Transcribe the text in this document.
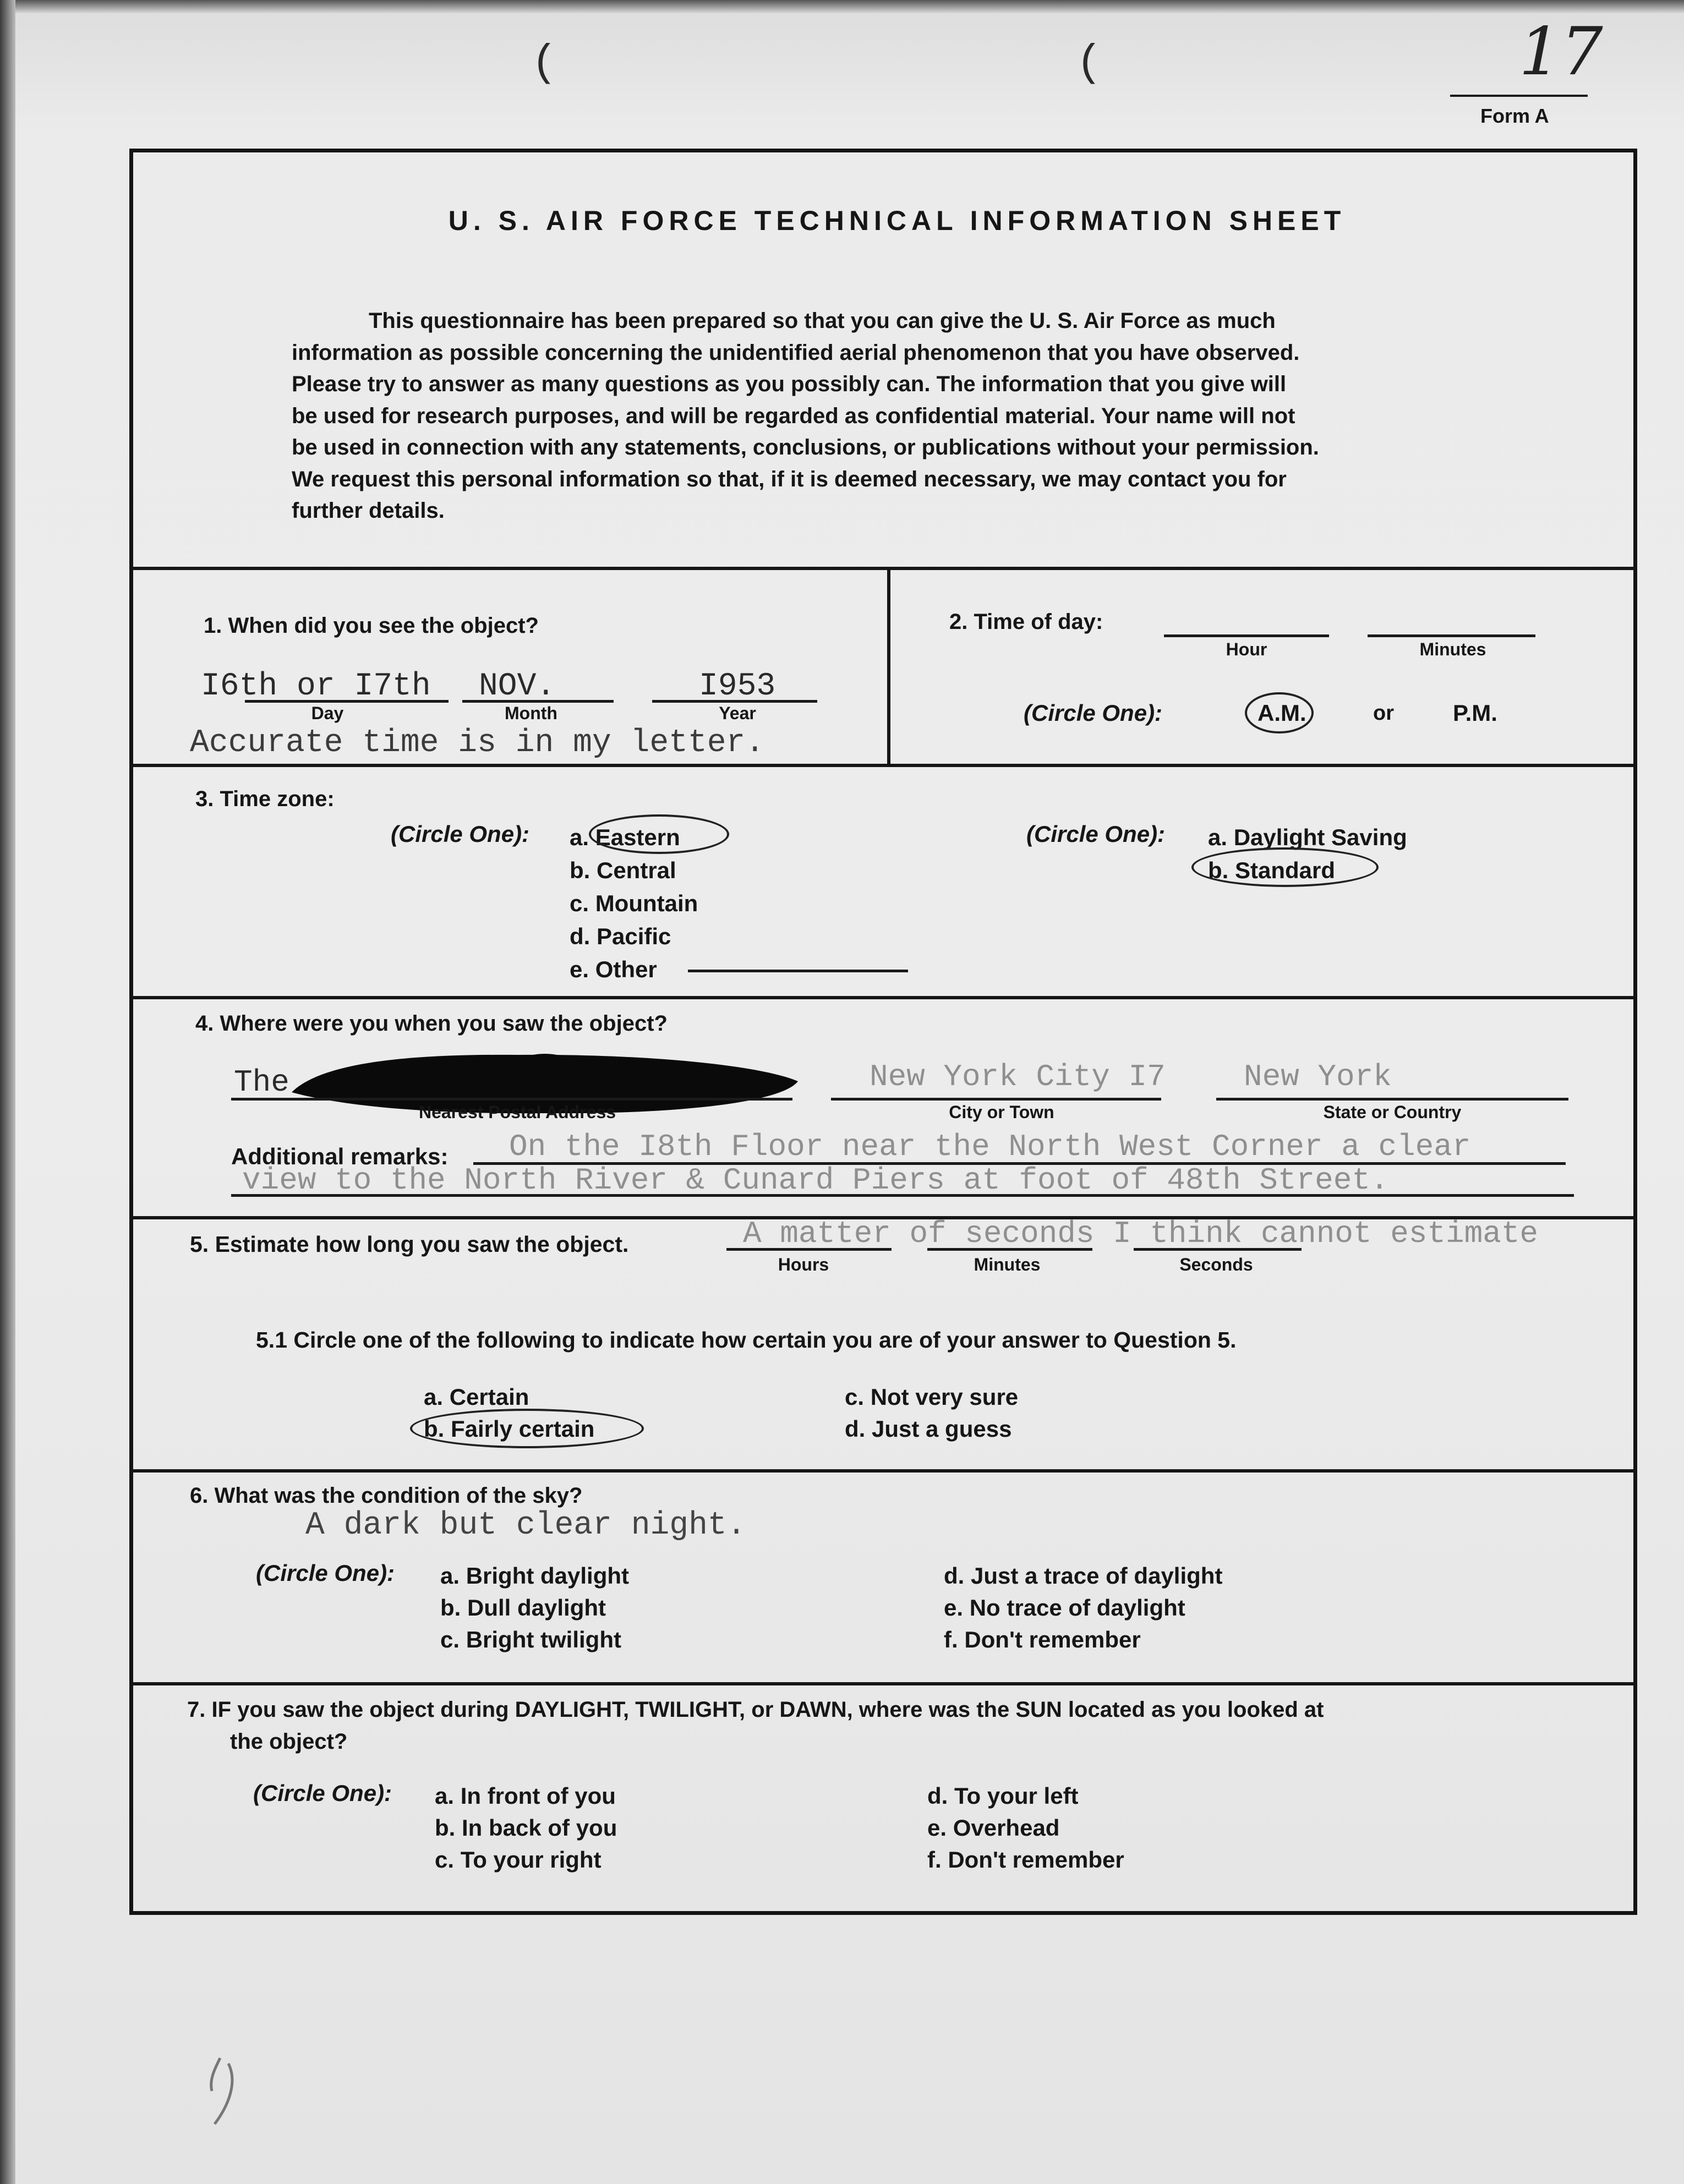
(	(	17
Form A
U. S. AIR FORCE TECHNICAL INFORMATION SHEET

This questionnaire has been prepared so that you can give the U. S. Air Force as much

information as possible concerning the unidentified aerial phenomenon that you have observed.

Please try to answer as many questions as you possibly can. The information that you give will

be used for research purposes, and will be regarded as confidential material. Your name will not

be used in connection with any statements, conclusions, or publications without your permission.

We request this personal information so that, if it is deemed necessary, we may contact you for

further details.

1. When did you see the object?
I6th or I7th
Day
NOV.
Month
I953
Year
Accurate time is in my letter.
2. Time of day:
Hour	Minutes
(Circle One):	A.M.	or	P.M.
3. Time zone:
(Circle One): a. Eastern
b. Central
c. Mountain
d. Pacific
e. Other
(Circle One): a. Daylight Saving
b. Standard
4. Where were you when you saw the object?
The
Nearest Postal Address
New York City I7
City or Town
New York
State or Country
Additional remarks: On the I8th Floor near the North West Corner a clear
view to the North River & Cunard Piers at foot of 48th Street.
5. Estimate how long you saw the object.	A matter of seconds I think cannot estimate
Hours	Minutes	Seconds
5.1 Circle one of the following to indicate how certain you are of your answer to Question 5.
a. Certain
b. Fairly certain
c. Not very sure
d. Just a guess
6. What was the condition of the sky?
A dark but clear night.
(Circle One): a. Bright daylight
b. Dull daylight
c. Bright twilight
d. Just a trace of daylight
e. No trace of daylight
f. Don't remember
7. IF you saw the object during DAYLIGHT, TWILIGHT, or DAWN, where was the SUN located as you looked at
the object?
(Circle One): a. In front of you
b. In back of you
c. To your right
d. To your left
e. Overhead
f. Don't remember
